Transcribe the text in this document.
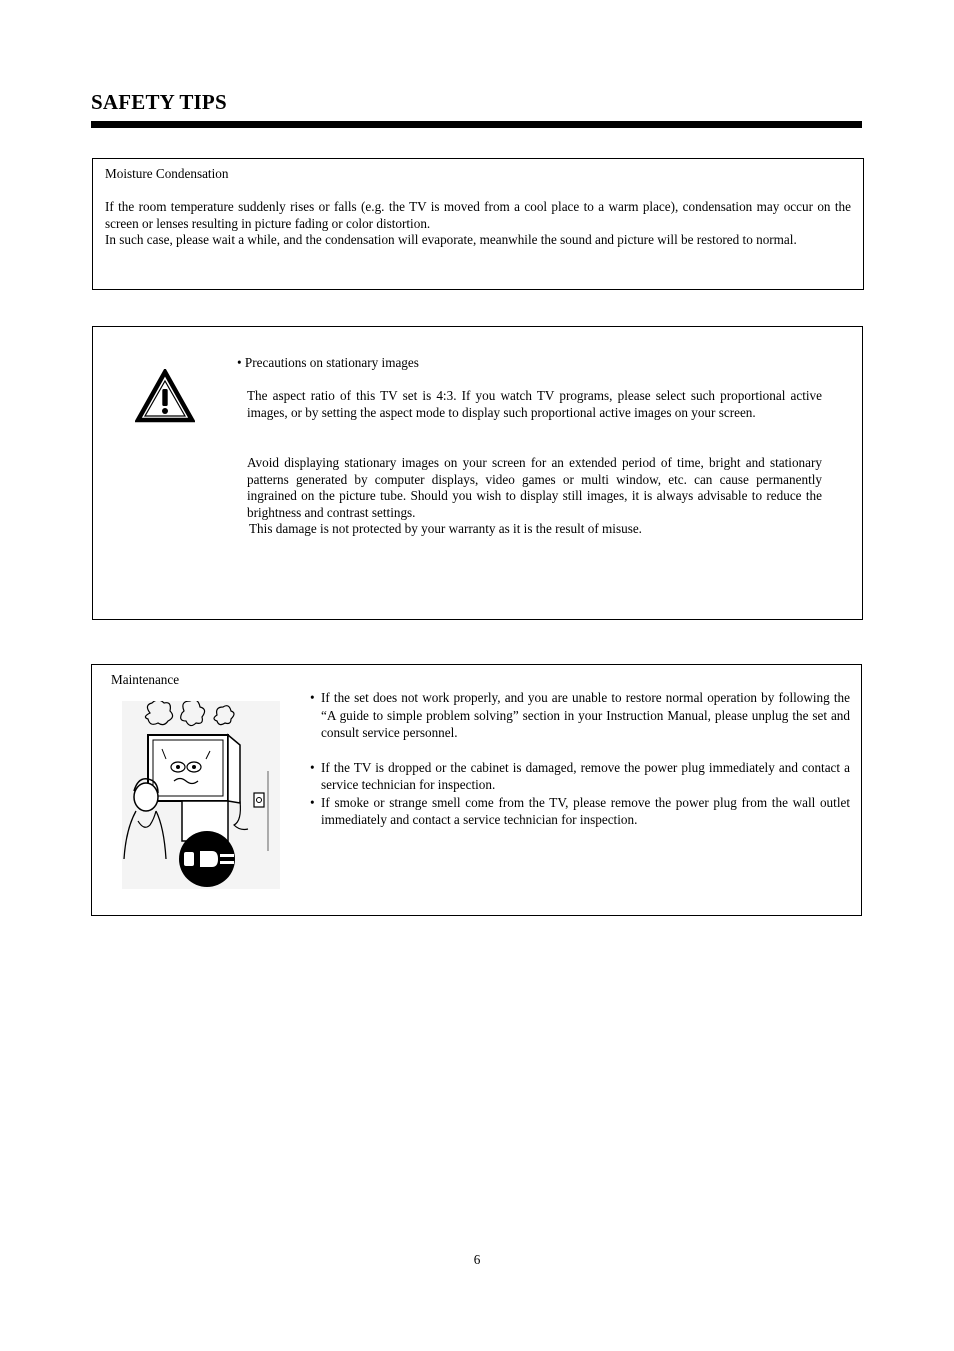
SAFETY TIPS
Moisture Condensation

If the room temperature suddenly rises or falls (e.g. the TV is moved from a cool place to a warm place), condensation may occur on the screen or lenses resulting in picture fading or color distortion.

In such case, please wait a while, and the condensation will evaporate, meanwhile the sound and picture will be restored to normal.

• Precautions on stationary images
The aspect ratio of this TV set is 4:3. If you watch TV programs, please select such proportional active images, or by setting the aspect mode to display such proportional active images on your screen.

Avoid displaying stationary images on your screen for an extended period of time, bright and stationary patterns generated by computer displays, video games or multi window, etc. can cause permanently ingrained on the picture tube. Should you wish to display still images, it is always advisable to reduce the brightness and contrast settings.

This damage is not protected by your warranty as it is the result of misuse.

Maintenance
• If the set does not work properly, and you are unable to restore normal operation by following the “A guide to simple problem solving” section in your Instruction Manual, please unplug the set and consult service personnel.
• If the TV is dropped or the cabinet is damaged, remove the power plug immediately and contact a service technician for inspection.
• If smoke or strange smell come from the TV, please remove the power plug from the wall outlet immediately and contact a service technician for inspection.
6
